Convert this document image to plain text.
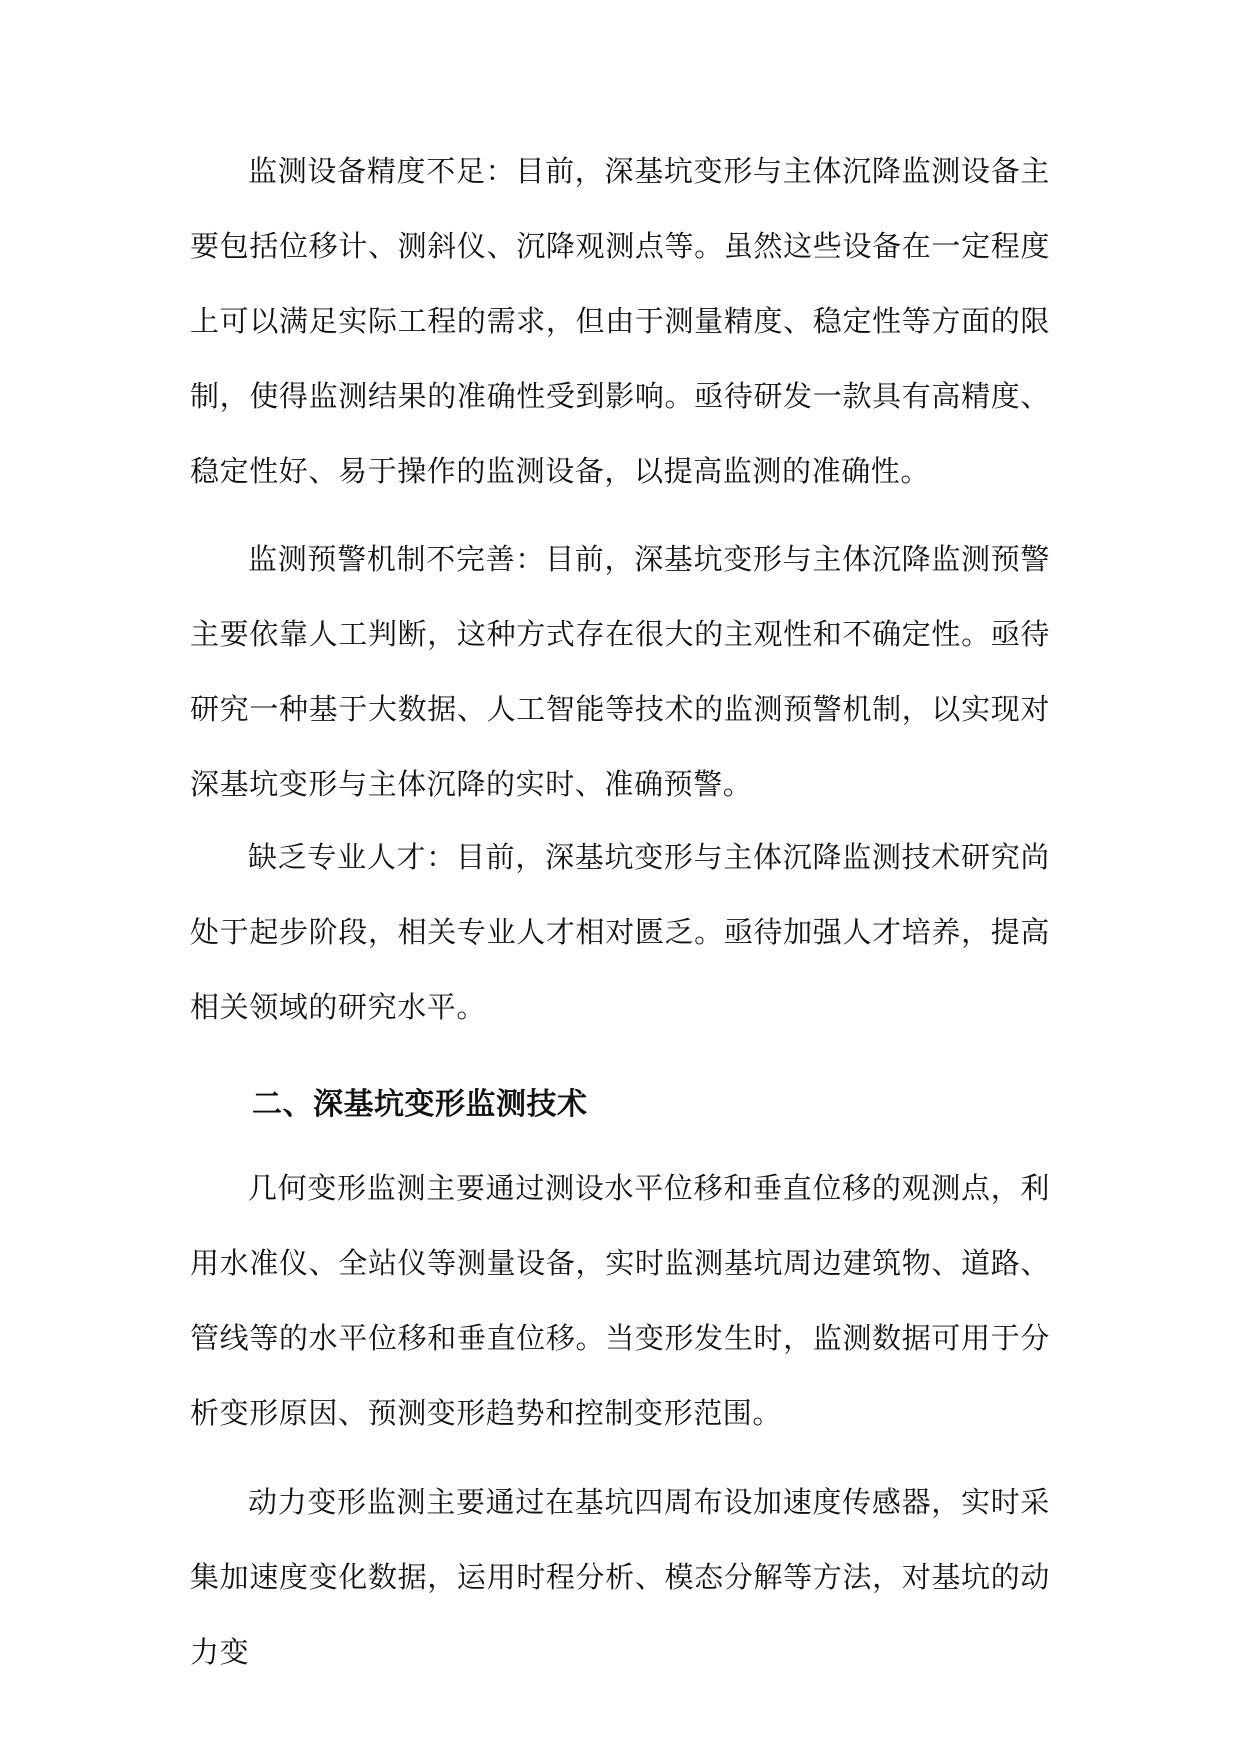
监测设备精度不足：目前，深基坑变形与主体沉降监测设备主要包括位移计、测斜仪、沉降观测点等。虽然这些设备在一定程度上可以满足实际工程的需求，但由于测量精度、稳定性等方面的限制，使得监测结果的准确性受到影响。亟待研发一款具有高精度、稳定性好、易于操作的监测设备，以提高监测的准确性。

监测预警机制不完善：目前，深基坑变形与主体沉降监测预警主要依靠人工判断，这种方式存在很大的主观性和不确定性。亟待研究一种基于大数据、人工智能等技术的监测预警机制，以实现对深基坑变形与主体沉降的实时、准确预警。

缺乏专业人才：目前，深基坑变形与主体沉降监测技术研究尚处于起步阶段，相关专业人才相对匮乏。亟待加强人才培养，提高相关领域的研究水平。

二、深基坑变形监测技术

几何变形监测主要通过测设水平位移和垂直位移的观测点，利用水准仪、全站仪等测量设备，实时监测基坑周边建筑物、道路、管线等的水平位移和垂直位移。当变形发生时，监测数据可用于分析变形原因、预测变形趋势和控制变形范围。

动力变形监测主要通过在基坑四周布设加速度传感器，实时采集加速度变化数据，运用时程分析、模态分解等方法，对基坑的动力变
